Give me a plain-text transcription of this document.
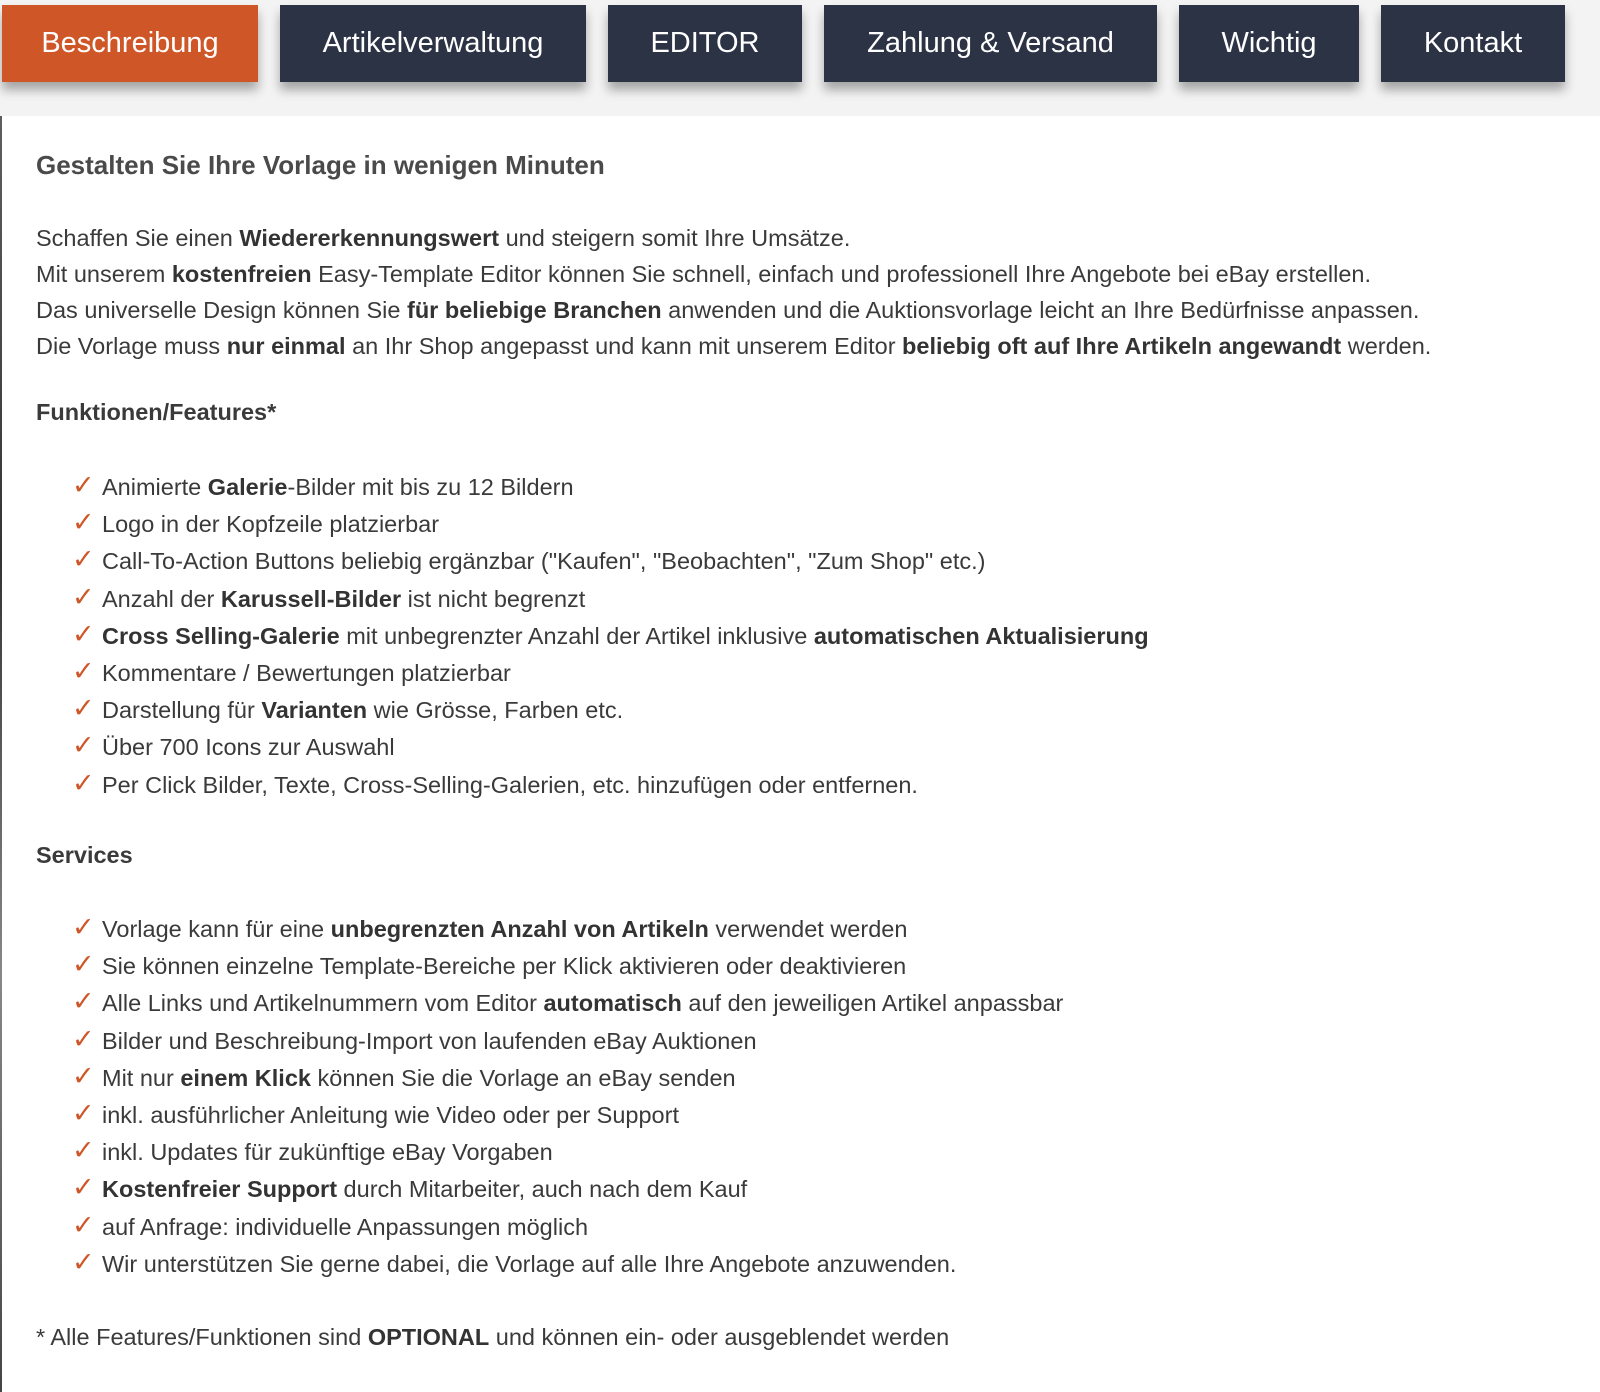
Beschreibung	Artikelverwaltung	EDITOR	Zahlung & Versand	Wichtig	Kontakt
Gestalten Sie Ihre Vorlage in wenigen Minuten

Schaffen Sie einen Wiedererkennungswert und steigern somit Ihre Umsätze.

Mit unserem kostenfreien Easy-Template Editor können Sie schnell, einfach und professionell Ihre Angebote bei eBay erstellen.

Das universelle Design können Sie für beliebige Branchen anwenden und die Auktionsvorlage leicht an Ihre Bedürfnisse anpassen.

Die Vorlage muss nur einmal an Ihr Shop angepasst und kann mit unserem Editor beliebig oft auf Ihre Artikeln angewandt werden.

Funktionen/Features*
✓ Animierte Galerie-Bilder mit bis zu 12 Bildern
✓ Logo in der Kopfzeile platzierbar
✓ Call-To-Action Buttons beliebig ergänzbar ("Kaufen", "Beobachten", "Zum Shop" etc.)
✓ Anzahl der Karussell-Bilder ist nicht begrenzt
✓ Cross Selling-Galerie mit unbegrenzter Anzahl der Artikel inklusive automatischen Aktualisierung
✓ Kommentare / Bewertungen platzierbar
✓ Darstellung für Varianten wie Grösse, Farben etc.
✓ Über 700 Icons zur Auswahl
✓ Per Click Bilder, Texte, Cross-Selling-Galerien, etc. hinzufügen oder entfernen.
Services
✓ Vorlage kann für eine unbegrenzten Anzahl von Artikeln verwendet werden
✓ Sie können einzelne Template-Bereiche per Klick aktivieren oder deaktivieren
✓ Alle Links und Artikelnummern vom Editor automatisch auf den jeweiligen Artikel anpassbar
✓ Bilder und Beschreibung-Import von laufenden eBay Auktionen
✓ Mit nur einem Klick können Sie die Vorlage an eBay senden
✓ inkl. ausführlicher Anleitung wie Video oder per Support
✓ inkl. Updates für zukünftige eBay Vorgaben
✓ Kostenfreier Support durch Mitarbeiter, auch nach dem Kauf
✓ auf Anfrage: individuelle Anpassungen möglich
✓ Wir unterstützen Sie gerne dabei, die Vorlage auf alle Ihre Angebote anzuwenden.
* Alle Features/Funktionen sind OPTIONAL und können ein- oder ausgeblendet werden
